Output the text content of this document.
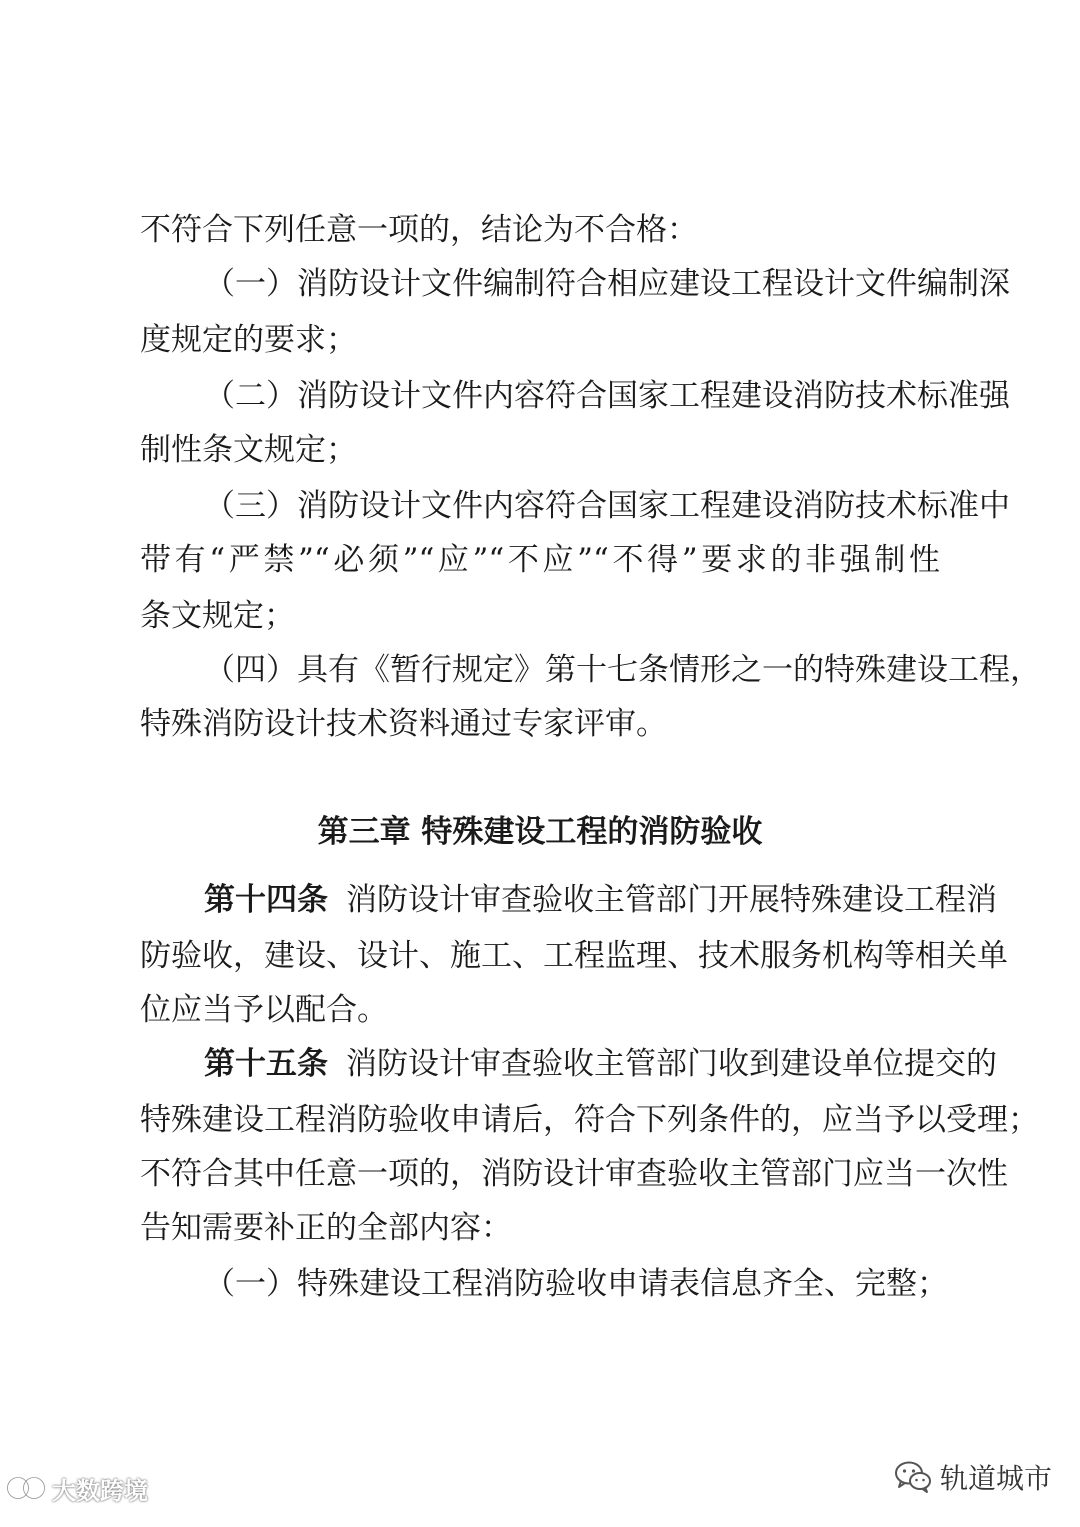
不符合下列任意一项的，结论为不合格：
（一）消防设计文件编制符合相应建设工程设计文件编制深
度规定的要求；
（二）消防设计文件内容符合国家工程建设消防技术标准强
制性条文规定；
（三）消防设计文件内容符合国家工程建设消防技术标准中
带有“严禁”“必须”“应”“不应”“不得”要求的非强制性
条文规定；
（四）具有《暂行规定》第十七条情形之一的特殊建设工程，
特殊消防设计技术资料通过专家评审。
第三章 特殊建设工程的消防验收
第十四条 消防设计审查验收主管部门开展特殊建设工程消
防验收，建设、设计、施工、工程监理、技术服务机构等相关单
位应当予以配合。
第十五条 消防设计审查验收主管部门收到建设单位提交的
特殊建设工程消防验收申请后，符合下列条件的，应当予以受理；
不符合其中任意一项的，消防设计审查验收主管部门应当一次性
告知需要补正的全部内容：
（一）特殊建设工程消防验收申请表信息齐全、完整；
大数跨境	轨道城市
